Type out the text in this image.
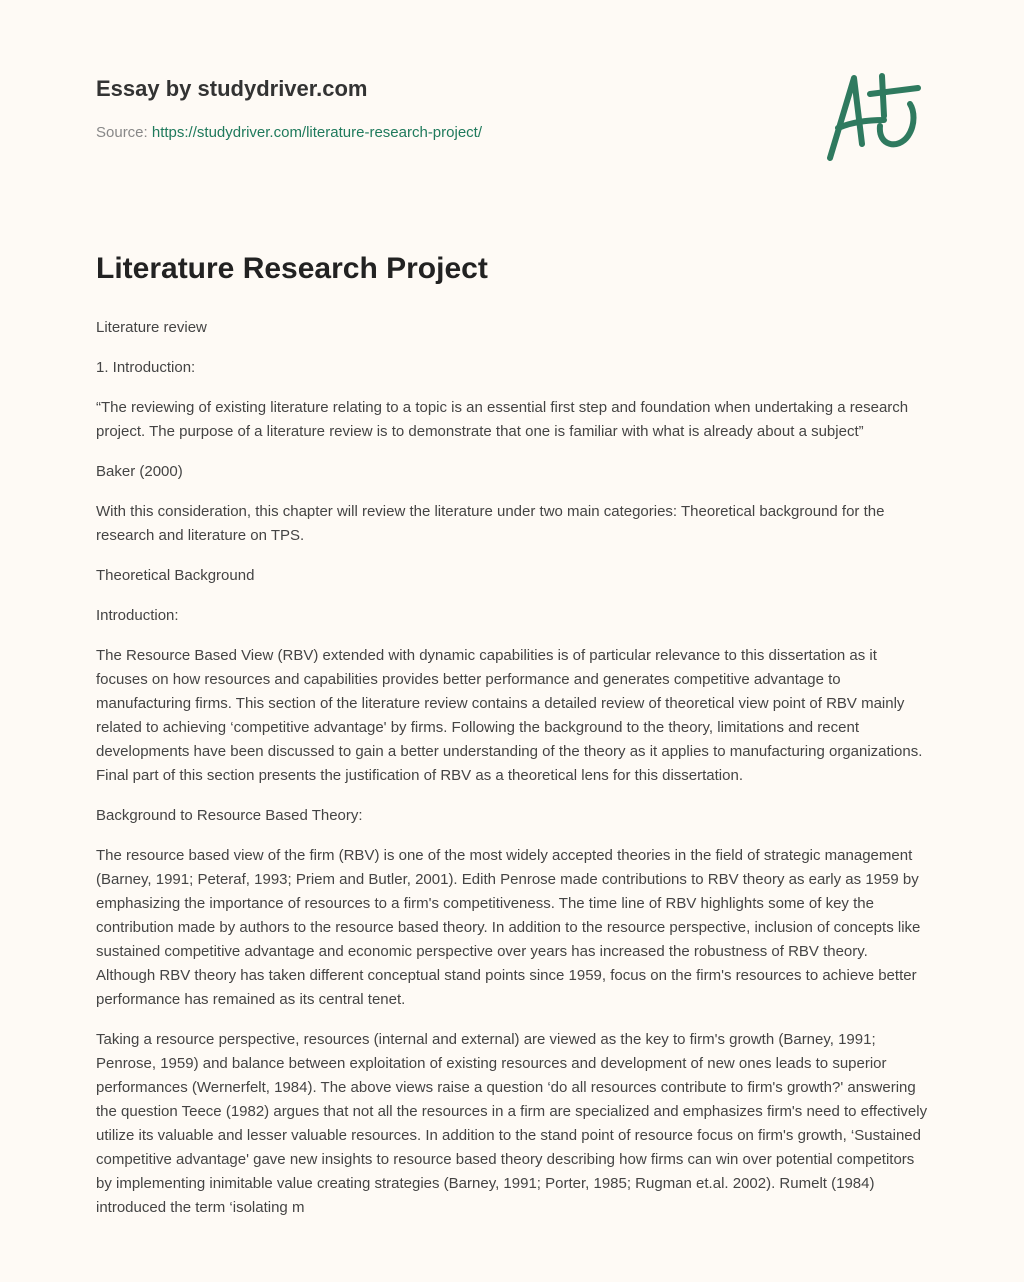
Essay by studydriver.com
Source: https://studydriver.com/literature-research-project/
Literature Research Project

Literature review

1. Introduction:

“The reviewing of existing literature relating to a topic is an essential first step and foundation when undertaking a research project. The purpose of a literature review is to demonstrate that one is familiar with what is already about a subject”

Baker (2000)

With this consideration, this chapter will review the literature under two main categories: Theoretical background for the research and literature on TPS.

Theoretical Background

Introduction:

The Resource Based View (RBV) extended with dynamic capabilities is of particular relevance to this dissertation as it focuses on how resources and capabilities provides better performance and generates competitive advantage to manufacturing firms. This section of the literature review contains a detailed review of theoretical view point of RBV mainly related to achieving ‘competitive advantage' by firms. Following the background to the theory, limitations and recent developments have been discussed to gain a better understanding of the theory as it applies to manufacturing organizations. Final part of this section presents the justification of RBV as a theoretical lens for this dissertation.

Background to Resource Based Theory:

The resource based view of the firm (RBV) is one of the most widely accepted theories in the field of strategic management (Barney, 1991; Peteraf, 1993; Priem and Butler, 2001). Edith Penrose made contributions to RBV theory as early as 1959 by emphasizing the importance of resources to a firm's competitiveness. The time line of RBV highlights some of key the contribution made by authors to the resource based theory. In addition to the resource perspective, inclusion of concepts like sustained competitive advantage and economic perspective over years has increased the robustness of RBV theory. Although RBV theory has taken different conceptual stand points since 1959, focus on the firm's resources to achieve better performance has remained as its central tenet.

Taking a resource perspective, resources (internal and external) are viewed as the key to firm's growth (Barney, 1991; Penrose, 1959) and balance between exploitation of existing resources and development of new ones leads to superior performances (Wernerfelt, 1984). The above views raise a question ‘do all resources contribute to firm's growth?' answering the question Teece (1982) argues that not all the resources in a firm are specialized and emphasizes firm's need to effectively utilize its valuable and lesser valuable resources. In addition to the stand point of resource focus on firm's growth, ‘Sustained competitive advantage' gave new insights to resource based theory describing how firms can win over potential competitors by implementing inimitable value creating strategies (Barney, 1991; Porter, 1985; Rugman et.al. 2002). Rumelt (1984) introduced the term ‘isolating m
